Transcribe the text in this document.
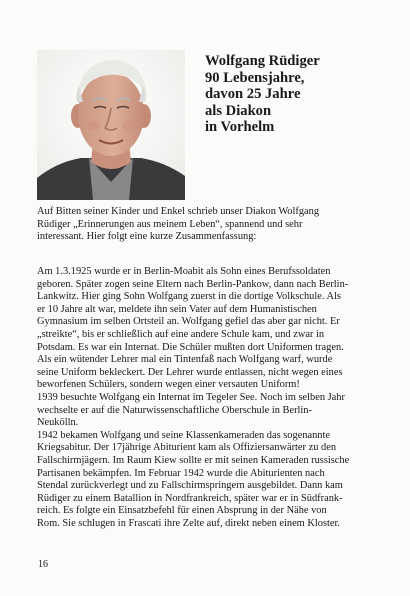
Wolfgang Rüdiger
90 Lebensjahre,
davon 25 Jahre
als Diakon
in Vorhelm
Auf Bitten seiner Kinder und Enkel schrieb unser Diakon Wolfgang
Rüdiger „Erinnerungen aus meinem Leben“, spannend und sehr
interessant. Hier folgt eine kurze Zusammenfassung:
Am 1.3.1925 wurde er in Berlin-Moabit als Sohn eines Berufssoldaten
geboren. Später zogen seine Eltern nach Berlin-Pankow, dann nach Berlin-
Lankwitz. Hier ging Sohn Wolfgang zuerst in die dortige Volkschule. Als
er 10 Jahre alt war, meldete ihn sein Vater auf dem Humanistischen
Gymnasium im selben Ortsteil an. Wolfgang gefiel das aber gar nicht. Er
„streikte“, bis er schließlich auf eine andere Schule kam, und zwar in
Potsdam. Es war ein Internat. Die Schüler mußten dort Uniformen tragen.
Als ein wütender Lehrer mal ein Tintenfaß nach Wolfgang warf, wurde
seine Uniform bekleckert. Der Lehrer wurde entlassen, nicht wegen eines
beworfenen Schülers, sondern wegen einer versauten Uniform!
1939 besuchte Wolfgang ein Internat im Tegeler See. Noch im selben Jahr
wechselte er auf die Naturwissenschaftliche Oberschule in Berlin-
Neukölln.
1942 bekamen Wolfgang und seine Klassenkameraden das sogenannte
Kriegsabitur. Der 17jährige Abiturient kam als Offiziersanwärter zu den
Fallschirmjägern. Im Raum Kiew sollte er mit seinen Kameraden russische
Partisanen bekämpfen. Im Februar 1942 wurde die Abiturienten nach
Stendal zurückverlegt und zu Fallschirmspringern ausgebildet. Dann kam
Rüdiger zu einem Batallion in Nordfrankreich, später war er in Südfrank-
reich. Es folgte ein Einsatzbefehl für einen Absprung in der Nähe von
Rom. Sie schlugen in Frascati ihre Zelte auf, direkt neben einem Kloster.
16
